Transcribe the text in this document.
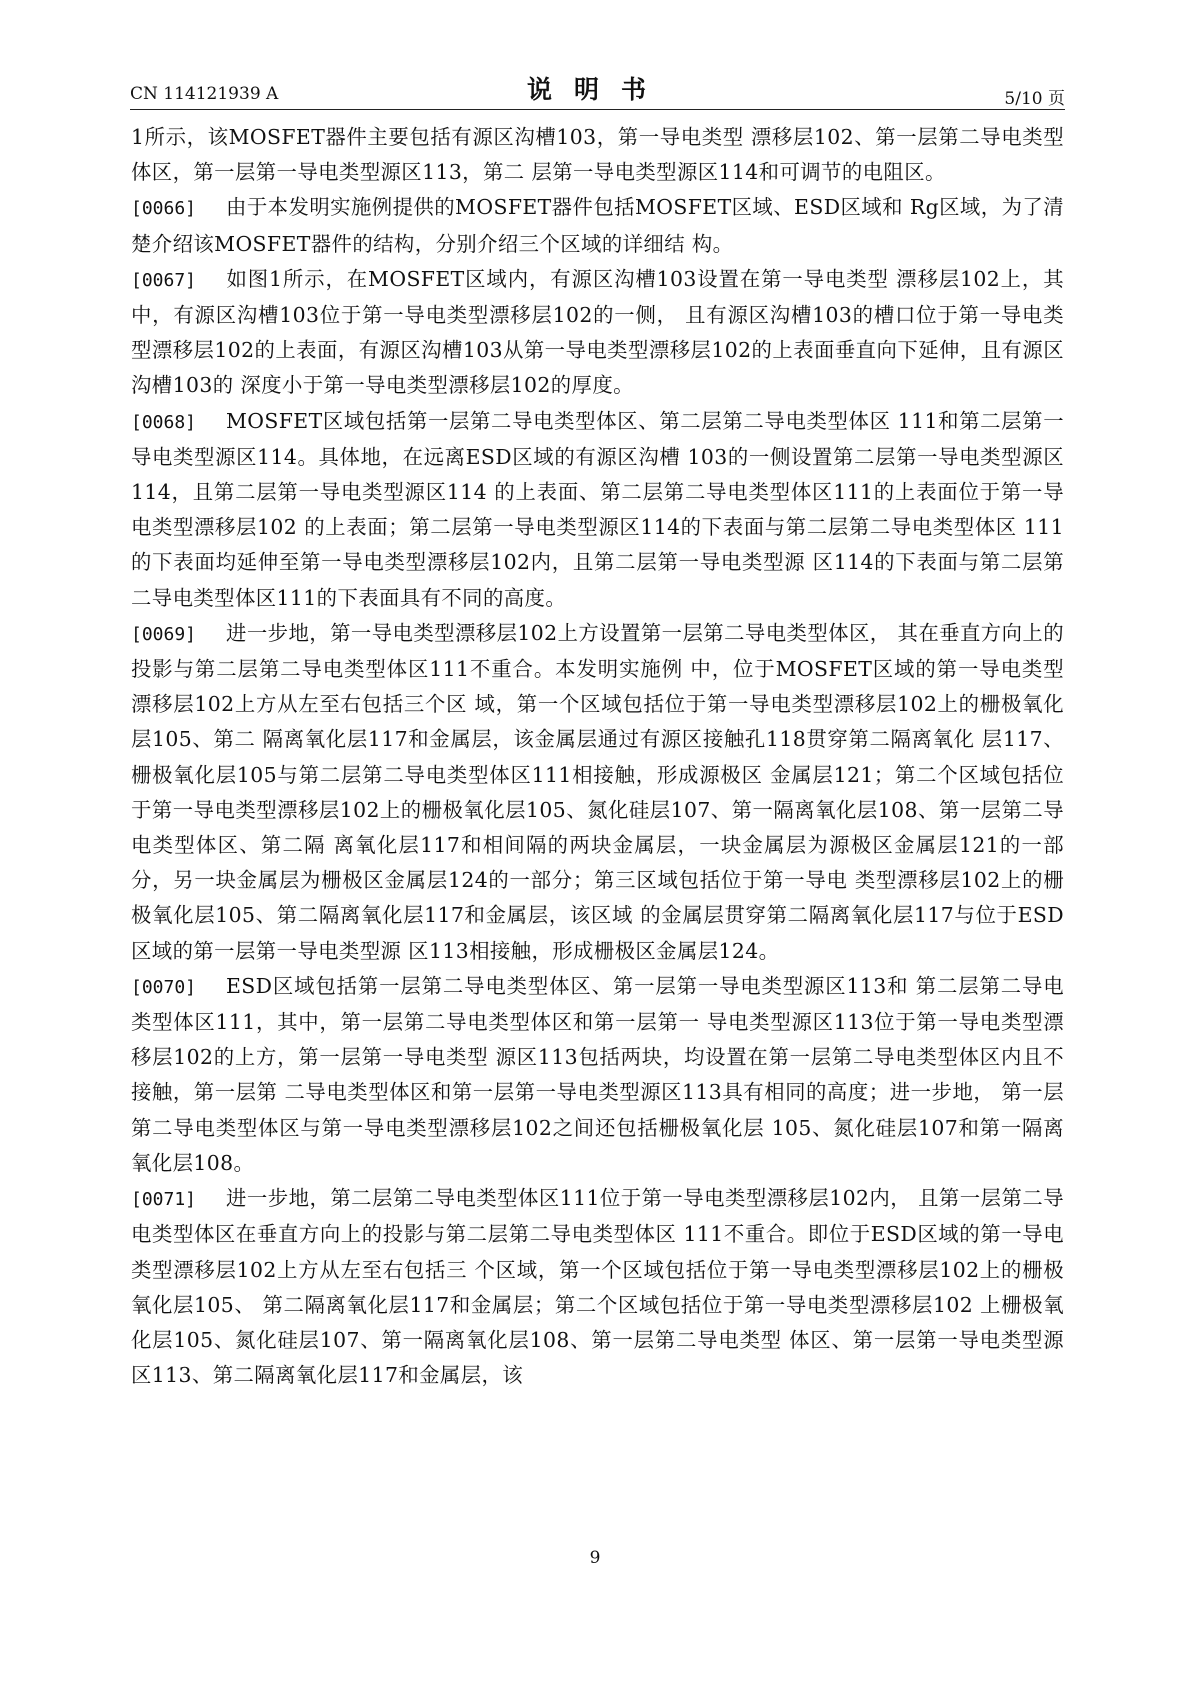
CN 114121939 A	说明书	5/10 页

1所示，该MOSFET器件主要包括有源区沟槽103，第一导电类型 漂移层102、第一层第二导电类型体区，第一层第一导电类型源区113，第二 层第一导电类型源区114和可调节的电阻区。

[0066] 由于本发明实施例提供的MOSFET器件包括MOSFET区域、ESD区域和 Rg区域，为了清楚介绍该MOSFET器件的结构，分别介绍三个区域的详细结 构。

[0067] 如图1所示，在MOSFET区域内，有源区沟槽103设置在第一导电类型 漂移层102上，其中，有源区沟槽103位于第一导电类型漂移层102的一侧， 且有源区沟槽103的槽口位于第一导电类型漂移层102的上表面，有源区沟槽103从第一导电类型漂移层102的上表面垂直向下延伸，且有源区沟槽103的 深度小于第一导电类型漂移层102的厚度。

[0068] MOSFET区域包括第一层第二导电类型体区、第二层第二导电类型体区 111和第二层第一导电类型源区114。具体地，在远离ESD区域的有源区沟槽 103的一侧设置第二层第一导电类型源区114，且第二层第一导电类型源区114 的上表面、第二层第二导电类型体区111的上表面位于第一导电类型漂移层102 的上表面；第二层第一导电类型源区114的下表面与第二层第二导电类型体区 111的下表面均延伸至第一导电类型漂移层102内，且第二层第一导电类型源 区114的下表面与第二层第二导电类型体区111的下表面具有不同的高度。

[0069] 进一步地，第一导电类型漂移层102上方设置第一层第二导电类型体区， 其在垂直方向上的投影与第二层第二导电类型体区111不重合。本发明实施例 中，位于MOSFET区域的第一导电类型漂移层102上方从左至右包括三个区 域，第一个区域包括位于第一导电类型漂移层102上的栅极氧化层105、第二 隔离氧化层117和金属层，该金属层通过有源区接触孔118贯穿第二隔离氧化 层117、栅极氧化层105与第二层第二导电类型体区111相接触，形成源极区 金属层121；第二个区域包括位于第一导电类型漂移层102上的栅极氧化层105、氮化硅层107、第一隔离氧化层108、第一层第二导电类型体区、第二隔 离氧化层117和相间隔的两块金属层，一块金属层为源极区金属层121的一部 分，另一块金属层为栅极区金属层124的一部分；第三区域包括位于第一导电 类型漂移层102上的栅极氧化层105、第二隔离氧化层117和金属层，该区域 的金属层贯穿第二隔离氧化层117与位于ESD区域的第一层第一导电类型源 区113相接触，形成栅极区金属层124。

[0070] ESD区域包括第一层第二导电类型体区、第一层第一导电类型源区113和 第二层第二导电类型体区111，其中，第一层第二导电类型体区和第一层第一 导电类型源区113位于第一导电类型漂移层102的上方，第一层第一导电类型 源区113包括两块，均设置在第一层第二导电类型体区内且不接触，第一层第 二导电类型体区和第一层第一导电类型源区113具有相同的高度；进一步地， 第一层第二导电类型体区与第一导电类型漂移层102之间还包括栅极氧化层 105、氮化硅层107和第一隔离氧化层108。

[0071] 进一步地，第二层第二导电类型体区111位于第一导电类型漂移层102内， 且第一层第二导电类型体区在垂直方向上的投影与第二层第二导电类型体区 111不重合。即位于ESD区域的第一导电类型漂移层102上方从左至右包括三 个区域，第一个区域包括位于第一导电类型漂移层102上的栅极氧化层105、 第二隔离氧化层117和金属层；第二个区域包括位于第一导电类型漂移层102 上栅极氧化层105、氮化硅层107、第一隔离氧化层108、第一层第二导电类型 体区、第一层第一导电类型源区113、第二隔离氧化层117和金属层，该

9
